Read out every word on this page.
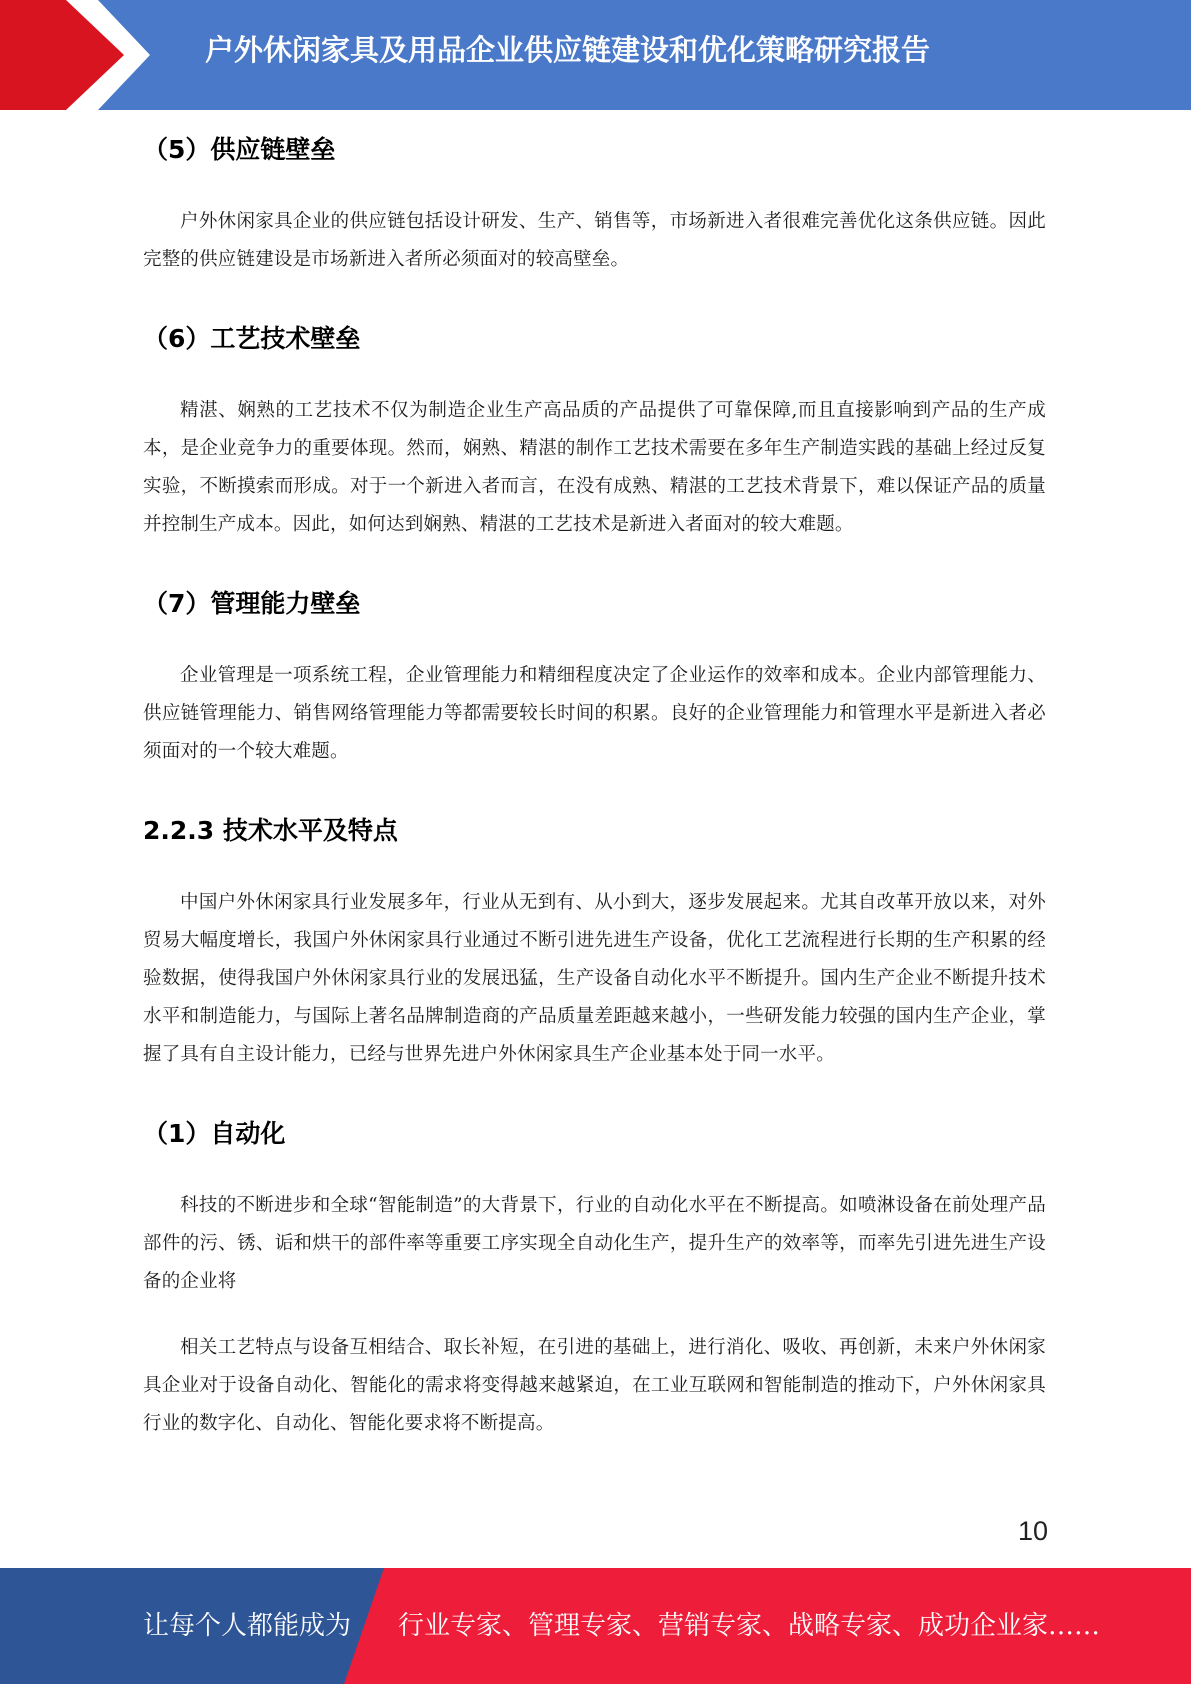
户外休闲家具及用品企业供应链建设和优化策略研究报告
（5）供应链壁垒

户外休闲家具企业的供应链包括设计研发、生产、销售等，市场新进入者很难完善优化这条供应链。因此完整的供应链建设是市场新进入者所必须面对的较高壁垒。

（6）工艺技术壁垒

精湛、娴熟的工艺技术不仅为制造企业生产高品质的产品提供了可靠保障,而且直接影响到产品的生产成本，是企业竞争力的重要体现。然而，娴熟、精湛的制作工艺技术需要在多年生产制造实践的基础上经过反复实验，不断摸索而形成。对于一个新进入者而言，在没有成熟、精湛的工艺技术背景下，难以保证产品的质量并控制生产成本。因此，如何达到娴熟、精湛的工艺技术是新进入者面对的较大难题。

（7）管理能力壁垒

企业管理是一项系统工程，企业管理能力和精细程度决定了企业运作的效率和成本。企业内部管理能力、供应链管理能力、销售网络管理能力等都需要较长时间的积累。良好的企业管理能力和管理水平是新进入者必须面对的一个较大难题。

2.2.3 技术水平及特点

中国户外休闲家具行业发展多年，行业从无到有、从小到大，逐步发展起来。尤其自改革开放以来，对外贸易大幅度增长，我国户外休闲家具行业通过不断引进先进生产设备，优化工艺流程进行长期的生产积累的经验数据，使得我国户外休闲家具行业的发展迅猛，生产设备自动化水平不断提升。国内生产企业不断提升技术水平和制造能力，与国际上著名品牌制造商的产品质量差距越来越小，一些研发能力较强的国内生产企业，掌握了具有自主设计能力，已经与世界先进户外休闲家具生产企业基本处于同一水平。

（1）自动化

科技的不断进步和全球“智能制造”的大背景下，行业的自动化水平在不断提高。如喷淋设备在前处理产品部件的污、锈、诟和烘干的部件率等重要工序实现全自动化生产，提升生产的效率等，而率先引进先进生产设备的企业将

相关工艺特点与设备互相结合、取长补短，在引进的基础上，进行消化、吸收、再创新，未来户外休闲家具企业对于设备自动化、智能化的需求将变得越来越紧迫，在工业互联网和智能制造的推动下，户外休闲家具行业的数字化、自动化、智能化要求将不断提高。

10
让每个人都能成为 行业专家、管理专家、营销专家、战略专家、成功企业家……
